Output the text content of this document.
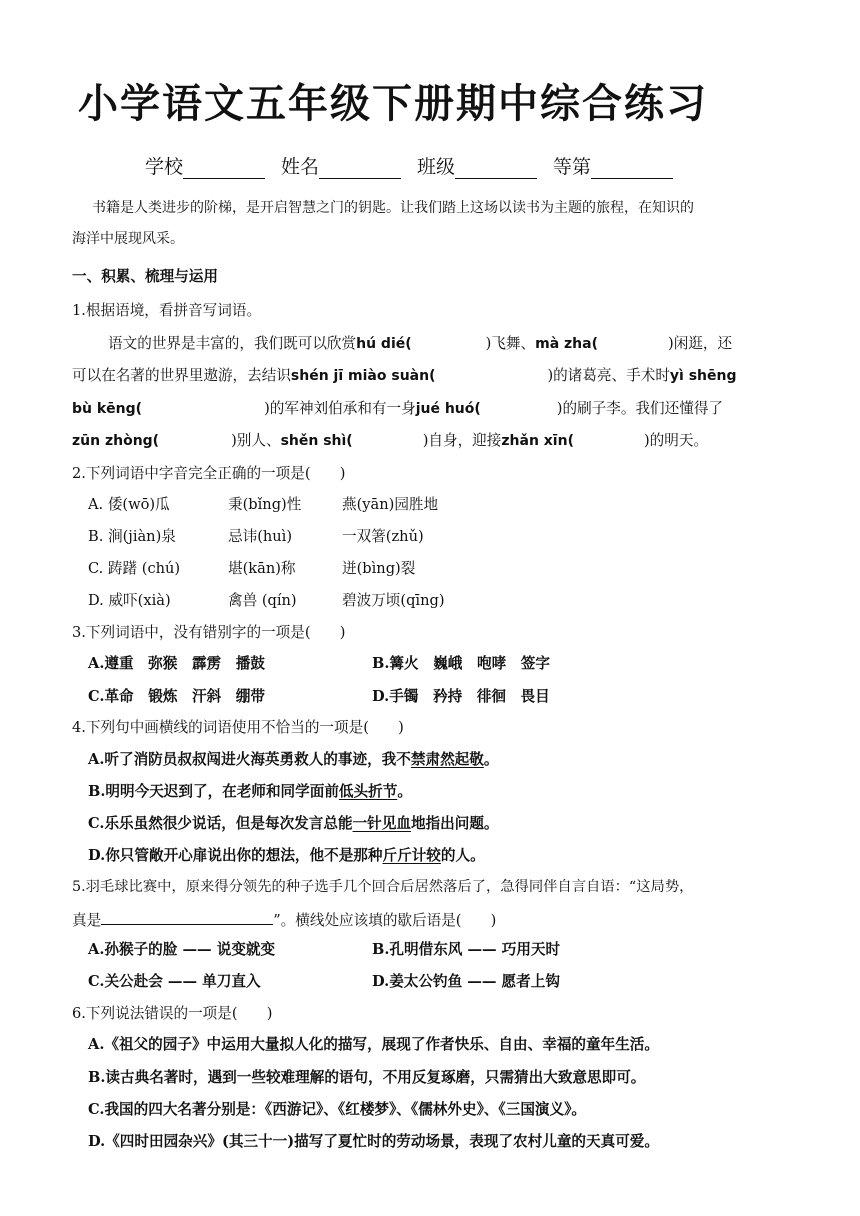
小学语文五年级下册期中综合练习
学校	姓名	班级	等第

书籍是人类进步的阶梯，是开启智慧之门的钥匙。让我们踏上这场以读书为主题的旅程，在知识的

海洋中展现风采。

一、积累、梳理与运用

1.根据语境，看拼音写词语。

语文的世界是丰富的，我们既可以欣赏hú dié(	)飞舞、mà zha(	)闲逛，还

可以在名著的世界里遨游，去结识shén jī miào suàn(	)的诸葛亮、手术时yì shēng

bù kēng(	)的军神刘伯承和有一身jué huó(	)的刷子李。我们还懂得了

zūn zhòng(	)别人、shěn shì(	)自身，迎接zhǎn xīn(	)的明天。

2.下列词语中字音完全正确的一项是(　　)

A. 倭(wō)瓜	秉(bǐng)性	燕(yān)园胜地
B. 涧(jiàn)泉	忌讳(huì)	一双箸(zhǔ)
C. 踌躇 (chú)	堪(kān)称	迸(bìng)裂
D. 威吓(xià)	禽兽 (qín)	碧波万顷(qīng)

3.下列词语中，没有错别字的一项是(　　)

A.遵重　弥猴　霹雳　播鼓	B.篝火　巍峨　咆哮　签字
C.革命　锻炼　汗斜　绷带	D.手镯　矜持　徘徊　畏目

4.下列句中画横线的词语使用不恰当的一项是(　　)

A.听了消防员叔叔闯进火海英勇救人的事迹，我不禁肃然起敬。

B.明明今天迟到了，在老师和同学面前低头折节。

C.乐乐虽然很少说话，但是每次发言总能一针见血地指出问题。

D.你只管敞开心扉说出你的想法，他不是那种斤斤计较的人。

5.羽毛球比赛中，原来得分领先的种子选手几个回合后居然落后了，急得同伴自言自语：“这局势，

真是	”。横线处应该填的歇后语是(　　)

A.孙猴子的脸 —— 说变就变	B.孔明借东风 —— 巧用天时
C.关公赴会 —— 单刀直入	D.姜太公钓鱼 —— 愿者上钩

6.下列说法错误的一项是(　　)

A.《祖父的园子》中运用大量拟人化的描写，展现了作者快乐、自由、幸福的童年生活。

B.读古典名著时，遇到一些较难理解的语句，不用反复琢磨，只需猜出大致意思即可。

C.我国的四大名著分别是：《西游记》、《红楼梦》、《儒林外史》、《三国演义》。

D.《四时田园杂兴》(其三十一)描写了夏忙时的劳动场景，表现了农村儿童的天真可爱。
